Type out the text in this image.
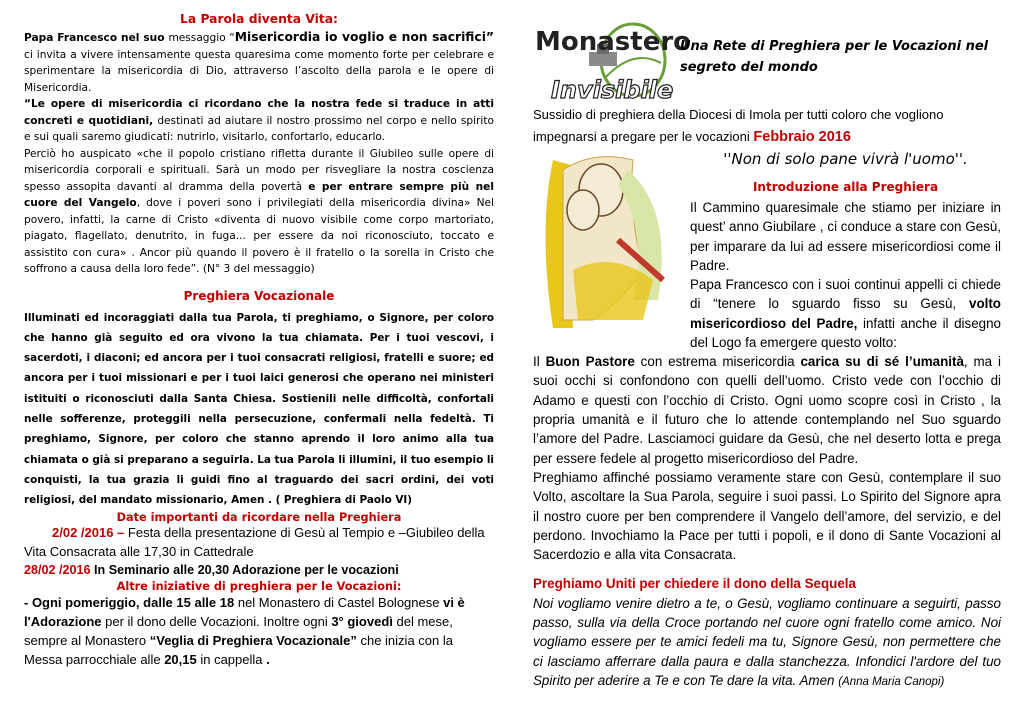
La Parola diventa Vita:

Papa Francesco nel suo messaggio “Misericordia io voglio e non sacrifici” ci invita a vivere intensamente questa quaresima come momento forte per celebrare e sperimentare la misericordia di Dio, attraverso l’ascolto della parola e le opere di Misericordia.

“Le opere di misericordia ci ricordano che la nostra fede si traduce in atti concreti e quotidiani, destinati ad aiutare il nostro prossimo nel corpo e nello spirito e sui quali saremo giudicati: nutrirlo, visitarlo, confortarlo, educarlo.

Perciò ho auspicato «che il popolo cristiano rifletta durante il Giubileo sulle opere di misericordia corporali e spirituali. Sarà un modo per risvegliare la nostra coscienza spesso assopita davanti al dramma della povertà e per entrare sempre più nel cuore del Vangelo, dove i poveri sono i privilegiati della misericordia divina» Nel povero, infatti, la carne di Cristo «diventa di nuovo visibile come corpo martoriato, piagato, flagellato, denutrito, in fuga... per essere da noi riconosciuto, toccato e assistito con cura» . Ancor più quando il povero è il fratello o la sorella in Cristo che soffrono a causa della loro fede”. (N° 3 del messaggio)

Preghiera Vocazionale

Illuminati ed incoraggiati dalla tua Parola, ti preghiamo, o Signore, per coloro che hanno già seguito ed ora vivono la tua chiamata. Per i tuoi vescovi, i sacerdoti, i diaconi; ed ancora per i tuoi consacrati religiosi, fratelli e suore; ed ancora per i tuoi missionari e per i tuoi laici generosi che operano nei ministeri istituiti o riconosciuti dalla Santa Chiesa. Sostienili nelle difficoltà, confortali nelle sofferenze, proteggili nella persecuzione, confermali nella fedeltà. Ti preghiamo, Signore, per coloro che stanno aprendo il loro animo alla tua chiamata o già si preparano a seguirla. La tua Parola li illumini, il tuo esempio li conquisti, la tua grazia li guidi fino al traguardo dei sacri ordini, dei voti religiosi, del mandato missionario, Amen . ( Preghiera di Paolo VI)

Date importanti da ricordare nella Preghiera

2/02 /2016 – Festa della presentazione di Gesù al Tempio e –Giubileo della Vita Consacrata alle 17,30 in Cattedrale

28/02 /2016 In Seminario alle 20,30 Adorazione per le vocazioni

Altre iniziative di preghiera per le Vocazioni:

- Ogni pomeriggio, dalle 15 alle 18 nel Monastero di Castel Bolognese vi è l'Adorazione per il dono delle Vocazioni. Inoltre ogni 3° giovedì del mese, sempre al Monastero “Veglia di Preghiera Vocazionale” che inizia con la Messa parrocchiale alle 20,15 in cappella .

Monastero
Invisibile
Una Rete di Preghiera per le Vocazioni nel segreto del mondo
Sussidio di preghiera della Diocesi di Imola per tutti coloro che vogliono impegnarsi a pregare per le vocazioni Febbraio 2016
''Non di solo pane vivrà l'uomo''.
Introduzione alla Preghiera

Il Cammino quaresimale che stiamo per iniziare in quest’ anno Giubilare , ci conduce a stare con Gesù, per imparare da lui ad essere misericordiosi come il Padre.

Papa Francesco con i suoi continui appelli ci chiede di “tenere lo sguardo fisso su Gesù, volto misericordioso del Padre, infatti anche il disegno del Logo fa emergere questo volto:

Il Buon Pastore con estrema misericordia carica su di sé l’umanità, ma i suoi occhi si confondono con quelli dell’uomo. Cristo vede con l’occhio di Adamo e questi con l’occhio di Cristo. Ogni uomo scopre così in Cristo , la propria umanità e il futuro che lo attende contemplando nel Suo sguardo l’amore del Padre. Lasciamoci guidare da Gesù, che nel deserto lotta e prega per essere fedele al progetto misericordioso del Padre.

Preghiamo affinché possiamo veramente stare con Gesù, contemplare il suo Volto, ascoltare la Sua Parola, seguire i suoi passi. Lo Spirito del Signore apra il nostro cuore per ben comprendere il Vangelo dell’amore, del servizio, e del perdono. Invochiamo la Pace per tutti i popoli, e il dono di Sante Vocazioni al Sacerdozio e alla vita Consacrata.

Preghiamo Uniti per chiedere il dono della Sequela

Noi vogliamo venire dietro a te, o Gesù, vogliamo continuare a seguirti, passo passo, sulla via della Croce portando nel cuore ogni fratello come amico. Noi vogliamo essere per te amici fedeli ma tu, Signore Gesù, non permettere che ci lasciamo afferrare dalla paura e dalla stanchezza. Infondici l'ardore del tuo Spirito per aderire a Te e con Te dare la vita. Amen (Anna Maria Canopi)
